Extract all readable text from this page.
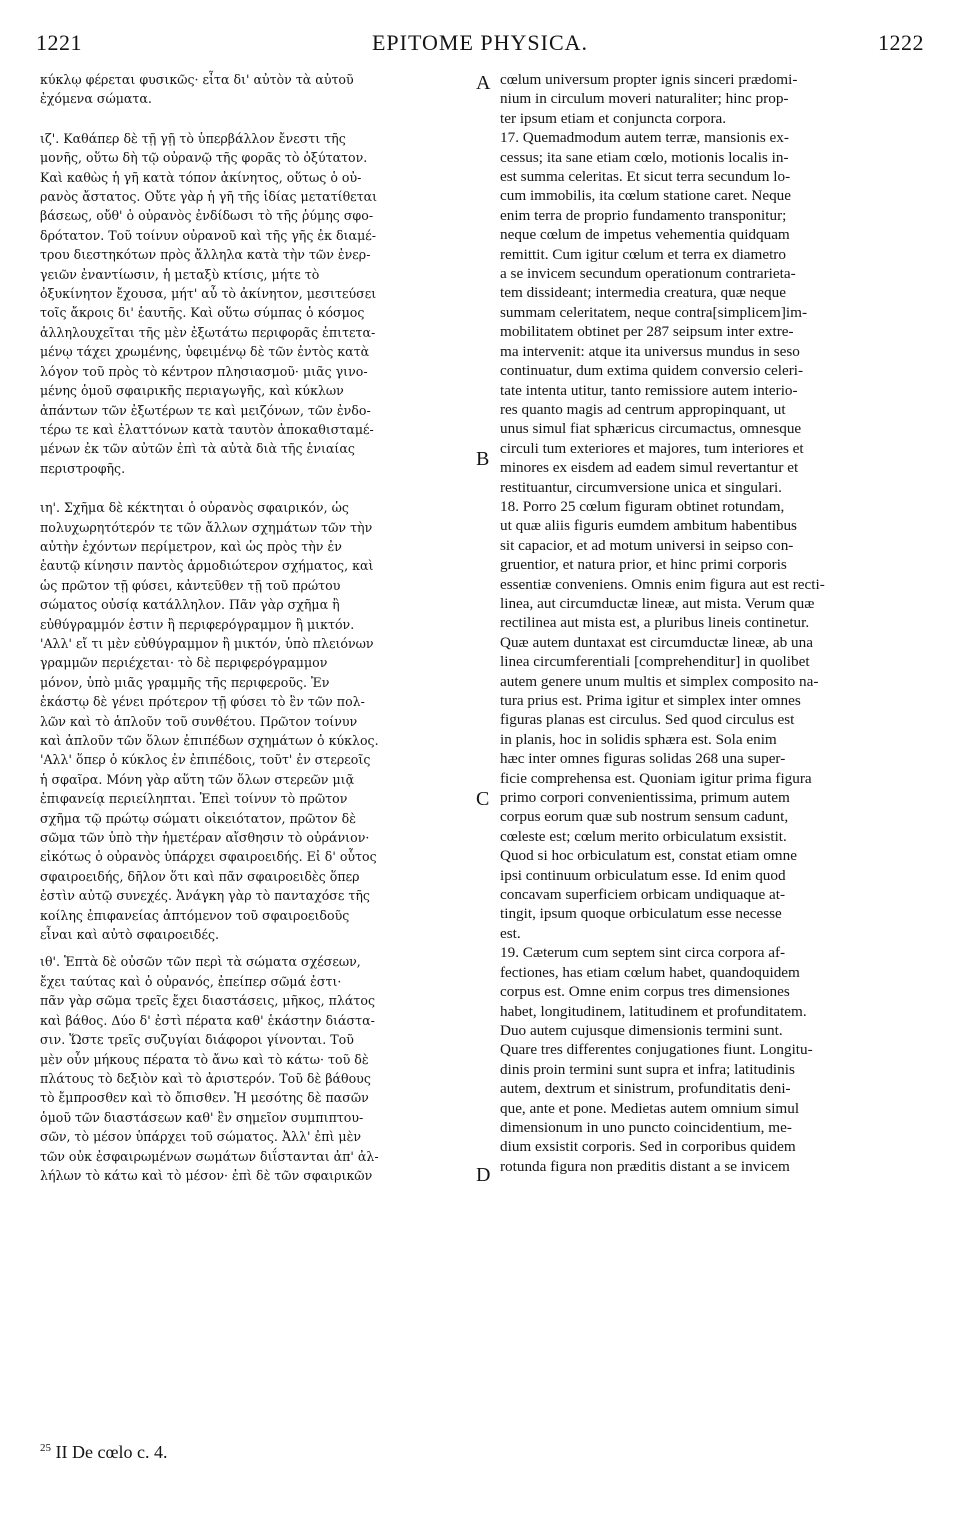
1221	EPITOME PHYSICA.	1222

κύκλῳ φέρεται φυσικῶς· εἶτα δι' αὐτὸν τὰ αὐτοῦ
ἐχόμενα σώματα.

ιζ'. Καθάπερ δὲ τῇ γῇ τὸ ὑπερβάλλον ἔνεστι τῆς
μονῆς, οὕτω δὴ τῷ οὐρανῷ τῆς φορᾶς τὸ ὀξύτατον.
Καὶ καθὼς ἡ γῆ κατὰ τόπον ἀκίνητος, οὕτως ὁ οὐ-
ρανὸς ἄστατος. Οὔτε γὰρ ἡ γῆ τῆς ἰδίας μετατίθεται
βάσεως, οὔθ' ὁ οὐρανὸς ἐνδίδωσι τὸ τῆς ῥύμης σφο-
δρότατον. Τοῦ τοίνυν οὐρανοῦ καὶ τῆς γῆς ἐκ διαμέ-
τρου διεστηκότων πρὸς ἄλληλα κατὰ τὴν τῶν ἐνερ-
γειῶν ἐναντίωσιν, ἡ μεταξὺ κτίσις, μήτε τὸ
ὀξυκίνητον ἔχουσα, μήτ' αὖ τὸ ἀκίνητον, μεσιτεύσει
τοῖς ἄκροις δι' ἑαυτῆς. Καὶ οὕτω σύμπας ὁ κόσμος
ἀλληλουχεῖται τῆς μὲν ἐξωτάτω περιφορᾶς ἐπιτετα-
μένῳ τάχει χρωμένης, ὑφειμένῳ δὲ τῶν ἐντὸς κατὰ
λόγον τοῦ πρὸς τὸ κέντρον πλησιασμοῦ· μιᾶς γινο-
μένης ὁμοῦ σφαιρικῆς περιαγωγῆς, καὶ κύκλων
ἁπάντων τῶν ἐξωτέρων τε καὶ μειζόνων, τῶν ἐνδο-
τέρω τε καὶ ἐλαττόνων κατὰ ταυτὸν ἀποκαθισταμέ-
μένων ἐκ τῶν αὐτῶν ἐπὶ τὰ αὐτὰ διὰ τῆς ἑνιαίας
περιστροφῆς.

ιη'. Σχῆμα δὲ κέκτηται ὁ οὐρανὸς σφαιρικόν, ὡς
πολυχωρητότερόν τε τῶν ἄλλων σχημάτων τῶν τὴν
αὐτὴν ἐχόντων περίμετρον, καὶ ὡς πρὸς τὴν ἐν
ἑαυτῷ κίνησιν παντὸς ἁρμοδιώτερον σχήματος, καὶ
ὡς πρῶτον τῇ φύσει, κἀντεῦθεν τῇ τοῦ πρώτου
σώματος οὐσίᾳ κατάλληλον. Πᾶν γὰρ σχῆμα ἢ
εὐθύγραμμόν ἐστιν ἢ περιφερόγραμμον ἢ μικτόν.
'Αλλ' εἴ τι μὲν εὐθύγραμμον ἢ μικτόν, ὑπὸ πλειόνων
γραμμῶν περιέχεται· τὸ δὲ περιφερόγραμμον
μόνον, ὑπὸ μιᾶς γραμμῆς τῆς περιφεροῦς. Ἐν
ἑκάστῳ δὲ γένει πρότερον τῇ φύσει τὸ ἓν τῶν πολ-
λῶν καὶ τὸ ἁπλοῦν τοῦ συνθέτου. Πρῶτον τοίνυν
καὶ ἁπλοῦν τῶν ὅλων ἐπιπέδων σχημάτων ὁ κύκλος.
'Αλλ' ὅπερ ὁ κύκλος ἐν ἐπιπέδοις, τοῦτ' ἐν στερεοῖς
ἡ σφαῖρα. Μόνη γὰρ αὕτη τῶν ὅλων στερεῶν μιᾷ
ἐπιφανείᾳ περιείληπται. Ἐπεὶ τοίνυν τὸ πρῶτον
σχῆμα τῷ πρώτῳ σώματι οἰκειότατον, πρῶτον δὲ
σῶμα τῶν ὑπὸ τὴν ἡμετέραν αἴσθησιν τὸ οὐράνιον·
εἰκότως ὁ οὐρανὸς ὑπάρχει σφαιροειδής. Εἰ δ' οὗτος
σφαιροειδής, δῆλον ὅτι καὶ πᾶν σφαιροειδὲς ὅπερ
ἐστὶν αὐτῷ συνεχές. Ἀνάγκη γὰρ τὸ πανταχόσε τῆς
κοίλης ἐπιφανείας ἁπτόμενον τοῦ σφαιροειδοῦς
εἶναι καὶ αὐτὸ σφαιροειδές.

ιθ'. Ἑπτὰ δὲ οὐσῶν τῶν περὶ τὰ σώματα σχέσεων,
ἔχει ταύτας καὶ ὁ οὐρανός, ἐπείπερ σῶμά ἐστι·
πᾶν γὰρ σῶμα τρεῖς ἔχει διαστάσεις, μῆκος, πλάτος
καὶ βάθος. Δύο δ' ἐστὶ πέρατα καθ' ἑκάστην διάστα-
σιν. Ὥστε τρεῖς συζυγίαι διάφοροι γίνονται. Τοῦ
μὲν οὖν μήκους πέρατα τὸ ἄνω καὶ τὸ κάτω· τοῦ δὲ
πλάτους τὸ δεξιὸν καὶ τὸ ἀριστερόν. Τοῦ δὲ βάθους
τὸ ἔμπροσθεν καὶ τὸ ὄπισθεν. Ἡ μεσότης δὲ πασῶν
ὁμοῦ τῶν διαστάσεων καθ' ἓν σημεῖον συμπιπτου-
σῶν, τὸ μέσον ὑπάρχει τοῦ σώματος. Ἀλλ' ἐπὶ μὲν
τῶν οὐκ ἐσφαιρωμένων σωμάτων διΐστανται ἀπ' ἀλ-
λήλων τὸ κάτω καὶ τὸ μέσον· ἐπὶ δὲ τῶν σφαιρικῶν

cœlum universum propter ignis sinceri prædomi-
nium in circulum moveri naturaliter; hinc prop-
ter ipsum etiam et conjuncta corpora.

17. Quemadmodum autem terræ, mansionis ex-
cessus; ita sane etiam cœlo, motionis localis in-
est summa celeritas. Et sicut terra secundum lo-
cum immobilis, ita cœlum statione caret. Neque
enim terra de proprio fundamento transponitur;
neque cœlum de impetus vehementia quidquam
remittit. Cum igitur cœlum et terra ex diametro
a se invicem secundum operationum contrarieta-
tem dissideant; intermedia creatura, quæ neque
summam celeritatem, neque contra[simplicem]im-
mobilitatem obtinet per 287 seipsum inter extre-
ma intervenit: atque ita universus mundus in seso
continuatur, dum extima quidem conversio celeri-
tate intenta utitur, tanto remissiore autem interio-
res quanto magis ad centrum appropinquant, ut
unus simul fiat sphæricus circumactus, omnesque
circuli tum exteriores et majores, tum interiores et
minores ex eisdem ad eadem simul revertantur et
restituantur, circumversione unica et singulari.

18. Porro 25 cœlum figuram obtinet rotundam,
ut quæ aliis figuris eumdem ambitum habentibus
sit capacior, et ad motum universi in seipso con-
gruentior, et natura prior, et hinc primi corporis
essentiæ conveniens. Omnis enim figura aut est recti-
linea, aut circumductæ lineæ, aut mista. Verum quæ
rectilinea aut mista est, a pluribus lineis continetur.
Quæ autem duntaxat est circumductæ lineæ, ab una
linea circumferentiali [comprehenditur] in quolibet
autem genere unum multis et simplex composito na-
tura prius est. Prima igitur et simplex inter omnes
figuras planas est circulus. Sed quod circulus est
in planis, hoc in solidis sphæra est. Sola enim
hæc inter omnes figuras solidas 268 una super-
ficie comprehensa est. Quoniam igitur prima figura
primo corpori convenientissima, primum autem
corpus eorum quæ sub nostrum sensum cadunt,
cœleste est; cœlum merito orbiculatum exsistit.
Quod si hoc orbiculatum est, constat etiam omne
ipsi continuum orbiculatum esse. Id enim quod
concavam superficiem orbicam undiquaque at-
tingit, ipsum quoque orbiculatum esse necesse
est.

19. Cæterum cum septem sint circa corpora af-
fectiones, has etiam cœlum habet, quandoquidem
corpus est. Omne enim corpus tres dimensiones
habet, longitudinem, latitudinem et profunditatem.
Duo autem cujusque dimensionis termini sunt.
Quare tres differentes conjugationes fiunt. Longitu-
dinis proin termini sunt supra et infra; latitudinis
autem, dextrum et sinistrum, profunditatis deni-
que, ante et pone. Medietas autem omnium simul
dimensionum in uno puncto coincidentium, me-
dium exsistit corporis. Sed in corporibus quidem
rotunda figura non præditis distant a se invicem

A
B
C
D
$^{25}$ II De cœlo c. 4.
